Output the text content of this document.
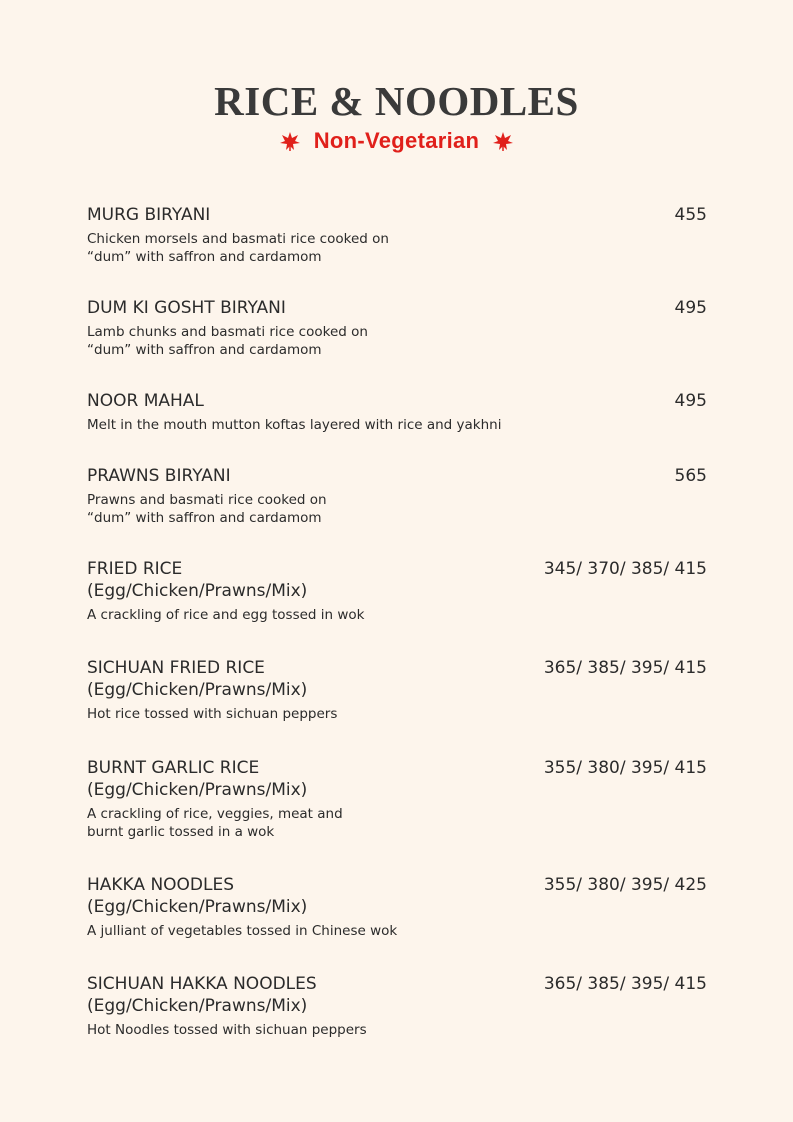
RICE & NOODLES
Non-Vegetarian
MURG BIRYANI	455
Chicken morsels and basmati rice cooked on
“dum” with saffron and cardamom
DUM KI GOSHT BIRYANI	495
Lamb chunks and basmati rice cooked on
“dum” with saffron and cardamom
NOOR MAHAL	495
Melt in the mouth mutton koftas layered with rice and yakhni
PRAWNS BIRYANI	565
Prawns and basmati rice cooked on
“dum” with saffron and cardamom
FRIED RICE
(Egg/Chicken/Prawns/Mix)
345/ 370/ 385/ 415
A crackling of rice and egg tossed in wok
SICHUAN FRIED RICE
(Egg/Chicken/Prawns/Mix)
365/ 385/ 395/ 415
Hot rice tossed with sichuan peppers
BURNT GARLIC RICE
(Egg/Chicken/Prawns/Mix)
355/ 380/ 395/ 415
A crackling of rice, veggies, meat and
burnt garlic tossed in a wok
HAKKA NOODLES
(Egg/Chicken/Prawns/Mix)
355/ 380/ 395/ 425
A julliant of vegetables tossed in Chinese wok
SICHUAN HAKKA NOODLES
(Egg/Chicken/Prawns/Mix)
365/ 385/ 395/ 415
Hot Noodles tossed with sichuan peppers
